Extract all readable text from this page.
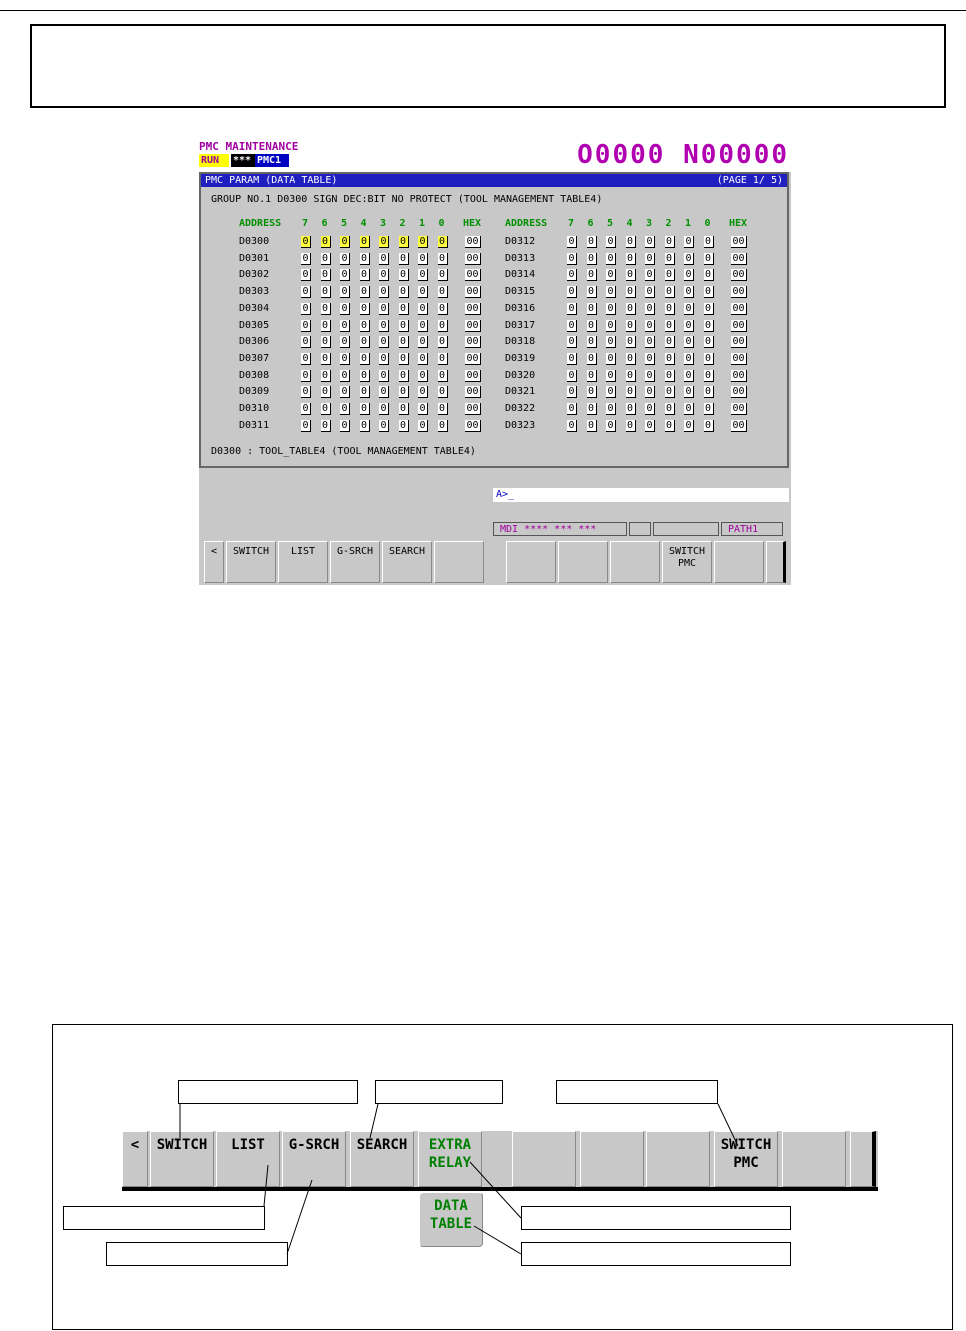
PMC MAINTENANCE
RUN	*** PMC1	O0000 N00000
PMC PARAM (DATA TABLE)	(PAGE 1/ 5)
GROUP NO.1 D0300 SIGN DEC:BIT NO PROTECT (TOOL MANAGEMENT TABLE4)
ADDRESS 7 6 5 4 3 2 1 0 HEX ADDRESS 7 6 5 4 3 2 1 0 HEX
D0300	0 0 0 0 0 0 0 0 00
D0301	0 0 0 0 0 0 0 0 00
D0302	0 0 0 0 0 0 0 0 00
D0303	0 0 0 0 0 0 0 0 00
D0304	0 0 0 0 0 0 0 0 00
D0305	0 0 0 0 0 0 0 0 00
D0306	0 0 0 0 0 0 0 0 00
D0307	0 0 0 0 0 0 0 0 00
D0308	0 0 0 0 0 0 0 0 00
D0309	0 0 0 0 0 0 0 0 00
D0310	0 0 0 0 0 0 0 0 00
D0311	0 0 0 0 0 0 0 0 00
D0312	0 0 0 0 0 0 0 0 00
D0313	0 0 0 0 0 0 0 0 00
D0314	0 0 0 0 0 0 0 0 00
D0315	0 0 0 0 0 0 0 0 00
D0316	0 0 0 0 0 0 0 0 00
D0317	0 0 0 0 0 0 0 0 00
D0318	0 0 0 0 0 0 0 0 00
D0319	0 0 0 0 0 0 0 0 00
D0320	0 0 0 0 0 0 0 0 00
D0321	0 0 0 0 0 0 0 0 00
D0322	0 0 0 0 0 0 0 0 00
D0323	0 0 0 0 0 0 0 0 00
D0300 : TOOL_TABLE4 (TOOL MANAGEMENT TABLE4)
A>_
MDI **** *** ***	PATH1
<	SWITCH	LIST	G-SRCH	SEARCH	SWITCH
PMC
<	SWITCH	LIST	G-SRCH	SEARCH	EXTRA
RELAY
SWITCH
PMC
DATA
TABLE
